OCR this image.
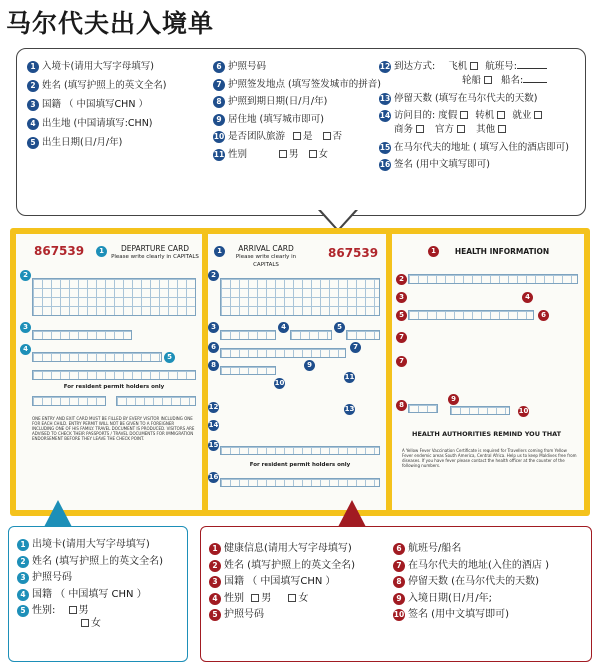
马尔代夫出入境单
1 入境卡(请用大写字母填写)
2 姓名 (填写护照上的英文全名)
3 国籍 （ 中国填写CHN ）
4 出生地 (中国请填写:CHN)
5 出生日期(日/月/年)
6 护照号码
7 护照签发地点 (填写签发城市的拼音)
8 护照到期日期(日/月/年)
9 居住地 (填写城市即可)
10 是否团队旅游 是 否
11 性别	男 女
12 到达方式: 飞机 航班号:
轮船 船名:
13 停留天数 (填写在马尔代夫的天数)
14 访问目的: 度假 转机 就业
商务 官方 其他
15 在马尔代夫的地址 ( 填写入住的酒店即可)
16 签名 (用中文填写即可)
867539	1	DEPARTURE CARD
Please write clearly in CAPITALS
2
3
4
5
For resident permit holders only
ONE ENTRY AND EXIT CARD MUST BE FILLED BY EVERY VISITOR INCLUDING ONE FOR EACH CHILD. ENTRY PERMIT WILL NOT BE GIVEN TO A FOREIGNER INCLUDING ONE OF HIS FAMILY. TRAVEL DOCUMENT IS PRODUCED. VISITORS ARE ADVISED TO CHECK THEIR PASSPORTS / TRAVEL DOCUMENTS FOR IMMIGRATION ENDORSEMENT BEFORE THEY LEAVE THE CHECK POINT.
1	ARRIVAL CARD
Please write clearly in CAPITALS
867539
2
3	4	5
6	7
8	9
10
11
12	13
14
15
For resident permit holders only
16
1	HEALTH INFORMATION
2
3	4
5	6
7
7
8
9
10
HEALTH AUTHORITIES REMIND YOU THAT
A Yellow Fever Vaccination Certificate is required for Travellers coming from Yellow Fever endemic areas South America, Central Africa. Help us to keep Maldives free from diseases. If you have fever please contact the health officer at the counter of the following numbers.
1 出境卡(请用大写字母填写)
2 姓名 (填写护照上的英文全名)
3 护照号码
4 国籍 （ 中国填写 CHN ）
5 性别: 男
女
1 健康信息(请用大写字母填写)
2 姓名 (填写护照上的英文全名)
3 国籍 （ 中国填写CHN ）
4 性别 男	女
5 护照号码
6 航班号/船名
7 在马尔代夫的地址(入住的酒店 )
8 停留天数 (在马尔代夫的天数)
9 入境日期(日/月/年;
10 签名 (用中文填写即可)
